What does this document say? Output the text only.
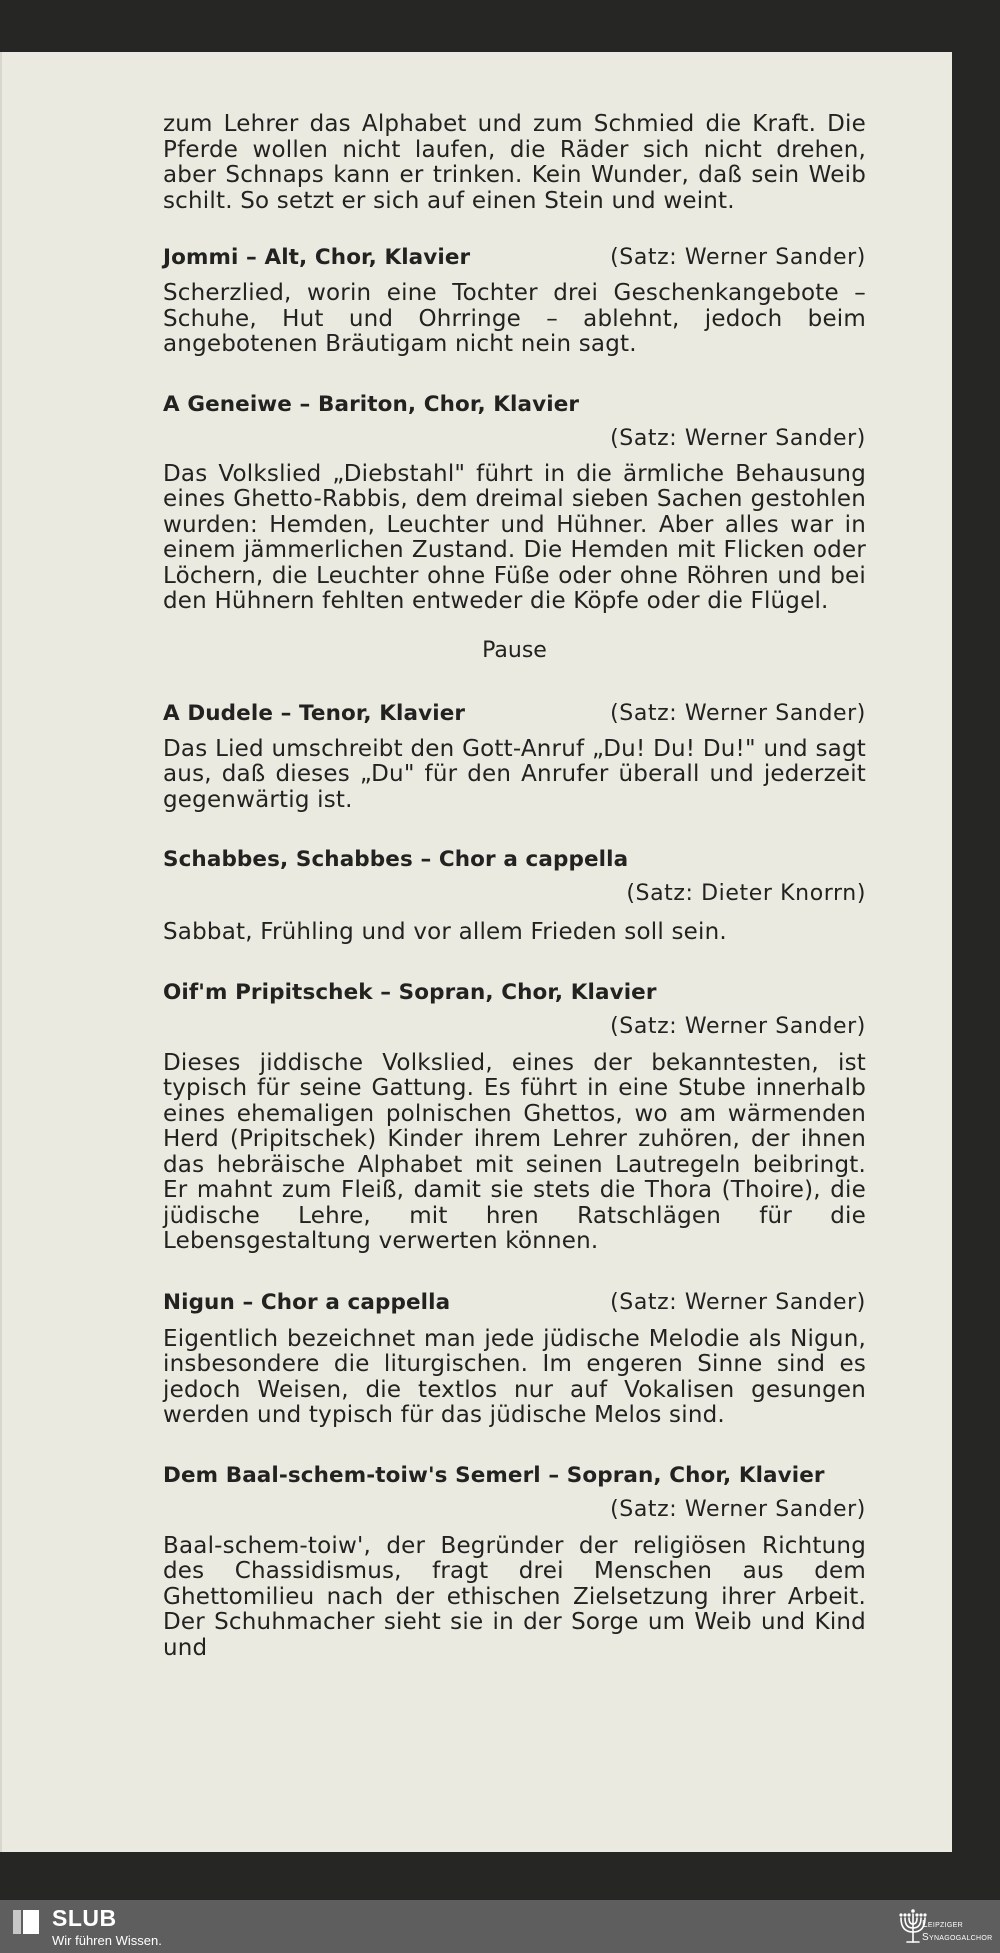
zum Lehrer das Alphabet und zum Schmied die Kraft. Die Pferde wollen nicht laufen, die Räder sich nicht drehen, aber Schnaps kann er trinken. Kein Wunder, daß sein Weib schilt. So setzt er sich auf einen Stein und weint.

Jommi – Alt, Chor, Klavier	(Satz: Werner Sander)

Scherzlied, worin eine Tochter drei Geschenkangebote – Schuhe, Hut und Ohrringe – ablehnt, jedoch beim angebotenen Bräutigam nicht nein sagt.

A Geneiwe – Bariton, Chor, Klavier

(Satz: Werner Sander)

Das Volkslied „Diebstahl" führt in die ärmliche Behausung eines Ghetto-Rabbis, dem dreimal sieben Sachen gestohlen wurden: Hemden, Leuchter und Hühner. Aber alles war in einem jämmerlichen Zustand. Die Hemden mit Flicken oder Löchern, die Leuchter ohne Füße oder ohne Röhren und bei den Hühnern fehlten entweder die Köpfe oder die Flügel.

Pause

A Dudele – Tenor, Klavier	(Satz: Werner Sander)

Das Lied umschreibt den Gott-Anruf „Du! Du! Du!" und sagt aus, daß dieses „Du" für den Anrufer überall und jederzeit gegenwärtig ist.

Schabbes, Schabbes – Chor a cappella

(Satz: Dieter Knorrn)

Sabbat, Frühling und vor allem Frieden soll sein.

Oif'm Pripitschek – Sopran, Chor, Klavier

(Satz: Werner Sander)

Dieses jiddische Volkslied, eines der bekanntesten, ist typisch für seine Gattung. Es führt in eine Stube innerhalb eines ehemaligen polnischen Ghettos, wo am wärmenden Herd (Pripitschek) Kinder ihrem Lehrer zuhören, der ihnen das hebräische Alphabet mit seinen Lautregeln beibringt. Er mahnt zum Fleiß, damit sie stets die Thora (Thoire), die jüdische Lehre, mit hren Ratschlägen für die Lebensgestaltung verwerten können.

Nigun – Chor a cappella	(Satz: Werner Sander)

Eigentlich bezeichnet man jede jüdische Melodie als Nigun, insbesondere die liturgischen. Im engeren Sinne sind es jedoch Weisen, die textlos nur auf Vokalisen gesungen werden und typisch für das jüdische Melos sind.

Dem Baal-schem-toiw's Semerl – Sopran, Chor, Klavier

(Satz: Werner Sander)

Baal-schem-toiw', der Begründer der religiösen Richtung des Chassidismus, fragt drei Menschen aus dem Ghettomilieu nach der ethischen Zielsetzung ihrer Arbeit. Der Schuhmacher sieht sie in der Sorge um Weib und Kind und

SLUB
Wir führen Wissen.
Leipziger
Synagogalchor
